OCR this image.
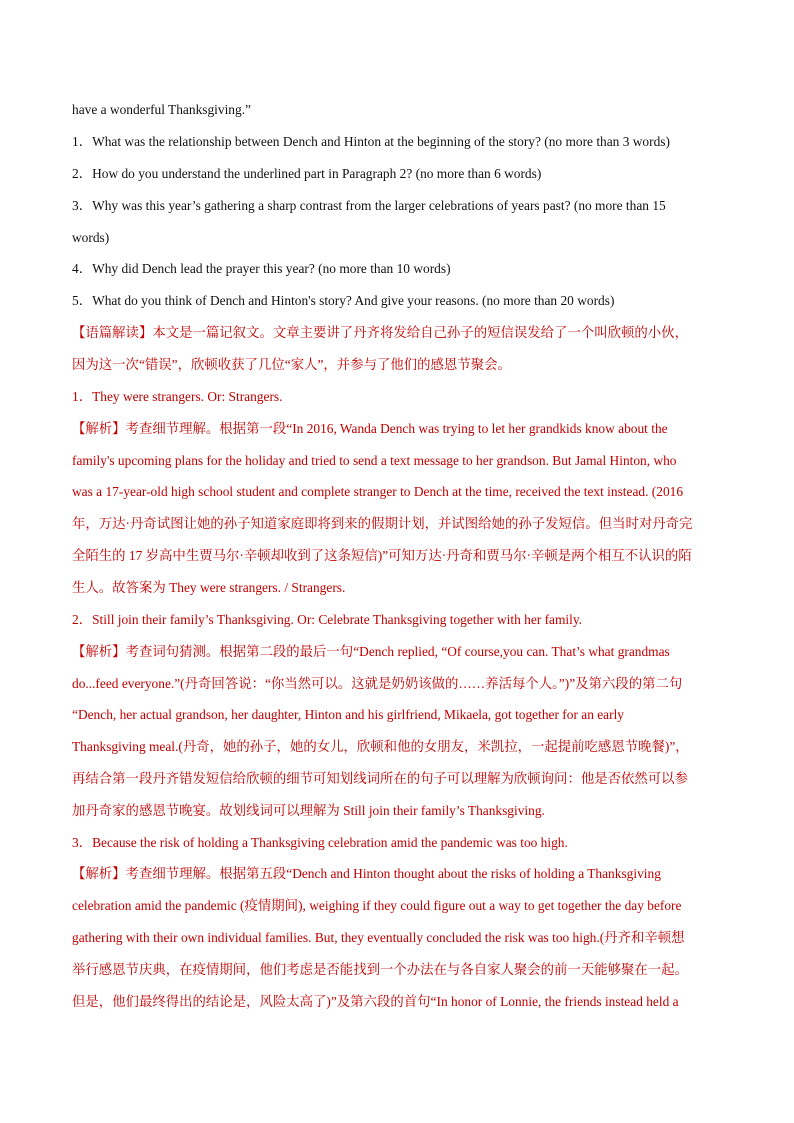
have a wonderful Thanksgiving.”
1．What was the relationship between Dench and Hinton at the beginning of the story? (no more than 3 words)
2．How do you understand the underlined part in Paragraph 2? (no more than 6 words)
3．Why was this year’s gathering a sharp contrast from the larger celebrations of years past? (no more than 15
words)
4．Why did Dench lead the prayer this year? (no more than 10 words)
5．What do you think of Dench and Hinton's story? And give your reasons. (no more than 20 words)
【语篇解读】本文是一篇记叙文。文章主要讲了丹齐将发给自己孙子的短信误发给了一个叫欣顿的小伙，
因为这一次“错误”，欣顿收获了几位“家人”，并参与了他们的感恩节聚会。
1．They were strangers. Or: Strangers.
【解析】考查细节理解。根据第一段“In 2016, Wanda Dench was trying to let her grandkids know about the
family's upcoming plans for the holiday and tried to send a text message to her grandson. But Jamal Hinton, who
was a 17-year-old high school student and complete stranger to Dench at the time, received the text instead. (2016
年，万达·丹奇试图让她的孙子知道家庭即将到来的假期计划，并试图给她的孙子发短信。但当时对丹奇完
全陌生的 17 岁高中生贾马尔·辛顿却收到了这条短信)”可知万达·丹奇和贾马尔·辛顿是两个相互不认识的陌
生人。故答案为 They were strangers. / Strangers.
2．Still join their family’s Thanksgiving. Or: Celebrate Thanksgiving together with her family.
【解析】考查词句猜测。根据第二段的最后一句“Dench replied, “Of course,you can. That’s what grandmas
do...feed everyone.”(丹奇回答说：“你当然可以。这就是奶奶该做的……养活每个人。”)”及第六段的第二句
“Dench, her actual grandson, her daughter, Hinton and his girlfriend, Mikaela, got together for an early
Thanksgiving meal.(丹奇，她的孙子，她的女儿，欣顿和他的女朋友，米凯拉，一起提前吃感恩节晚餐)”，
再结合第一段丹齐错发短信给欣顿的细节可知划线词所在的句子可以理解为欣顿询问：他是否依然可以参
加丹奇家的感恩节晚宴。故划线词可以理解为 Still join their family’s Thanksgiving.
3．Because the risk of holding a Thanksgiving celebration amid the pandemic was too high.
【解析】考查细节理解。根据第五段“Dench and Hinton thought about the risks of holding a Thanksgiving
celebration amid the pandemic (疫情期间), weighing if they could figure out a way to get together the day before
gathering with their own individual families. But, they eventually concluded the risk was too high.(丹齐和辛顿想
举行感恩节庆典，在疫情期间，他们考虑是否能找到一个办法在与各自家人聚会的前一天能够聚在一起。
但是，他们最终得出的结论是，风险太高了)”及第六段的首句“In honor of Lonnie, the friends instead held a
